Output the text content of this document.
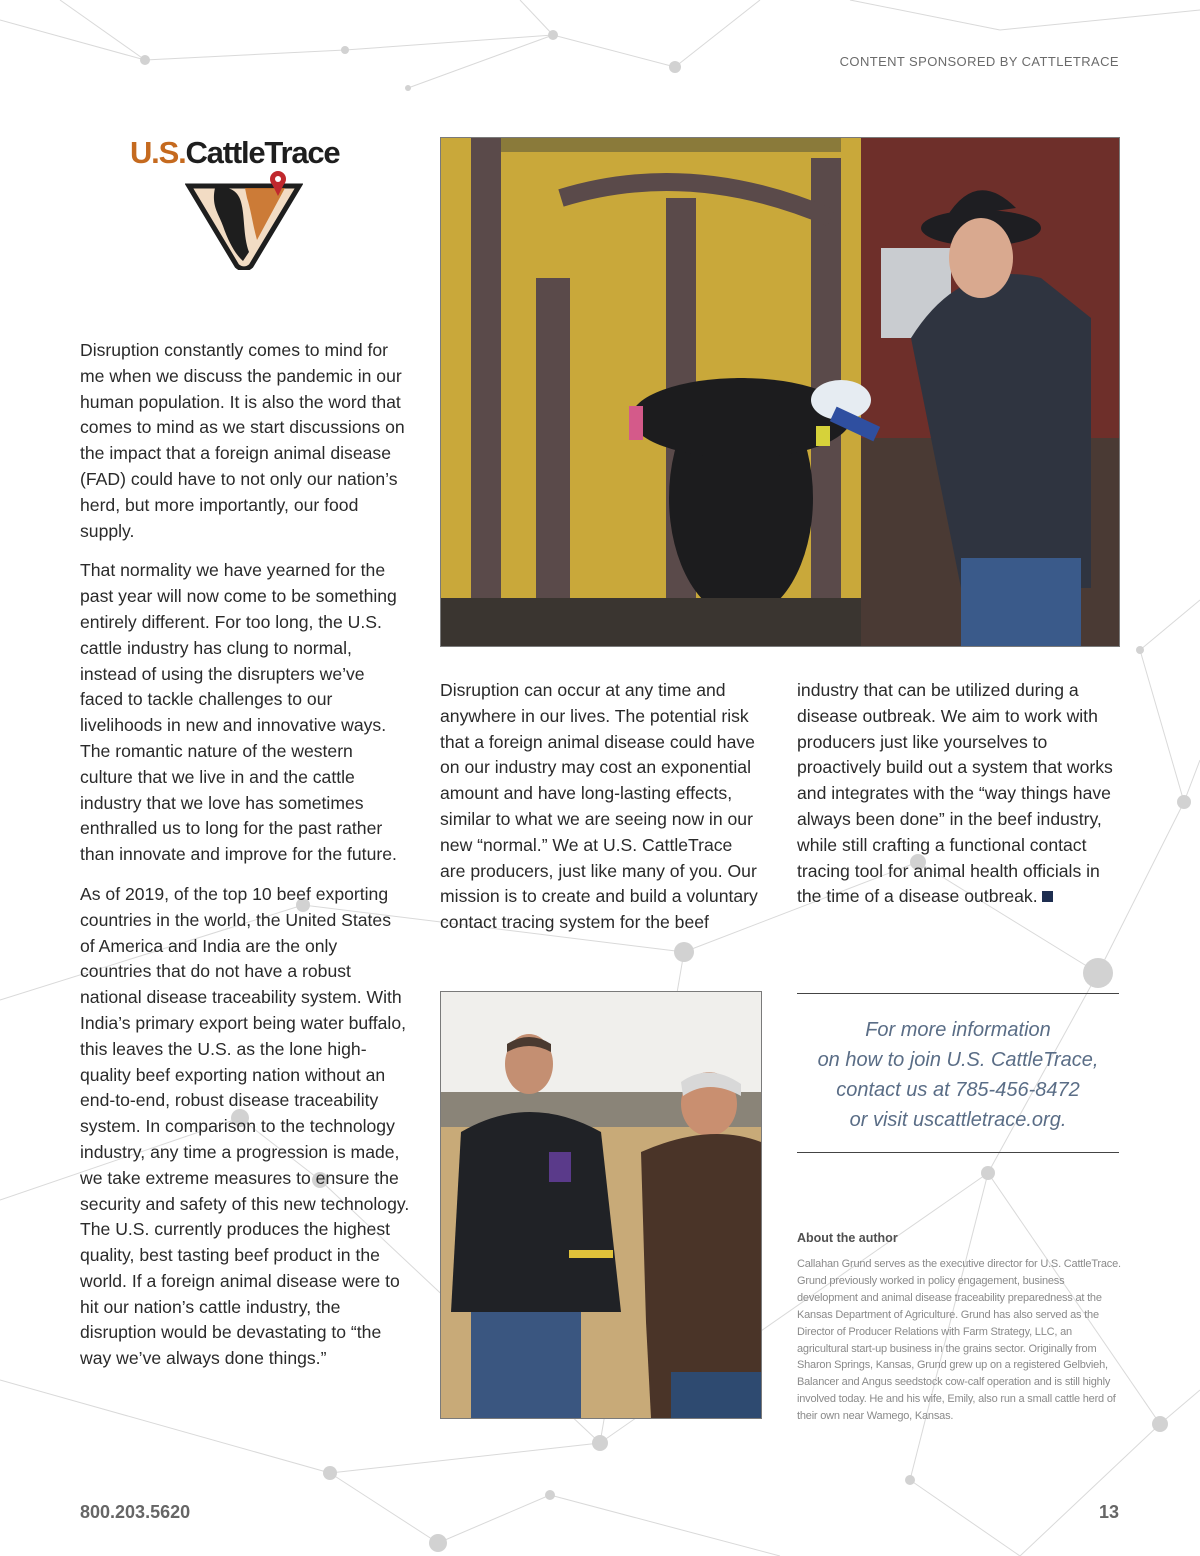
CONTENT SPONSORED BY CATTLETRACE
U.S.CattleTrace

Disruption constantly comes to mind for me when we discuss the pandemic in our human population. It is also the word that comes to mind as we start discussions on the impact that a foreign animal disease (FAD) could have to not only our nation’s herd, but more importantly, our food supply.

That normality we have yearned for the past year will now come to be something entirely different. For too long, the U.S. cattle industry has clung to normal, instead of using the disrupters we’ve faced to tackle challenges to our livelihoods in new and innovative ways. The romantic nature of the western culture that we live in and the cattle industry that we love has sometimes enthralled us to long for the past rather than innovate and improve for the future.

As of 2019, of the top 10 beef exporting countries in the world, the United States of America and India are the only countries that do not have a robust national disease traceability system. With India’s primary export being water buffalo, this leaves the U.S. as the lone high-quality beef exporting nation without an end-to-end, robust disease traceability system. In comparison to the technology industry, any time a progression is made, we take extreme measures to ensure the security and safety of this new technology. The U.S. currently produces the highest quality, best tasting beef product in the world. If a foreign animal disease were to hit our nation’s cattle industry, the disruption would be devastating to “the way we’ve always done things.”

Disruption can occur at any time and anywhere in our lives. The potential risk that a foreign animal disease could have on our industry may cost an exponential amount and have long-lasting effects, similar to what we are seeing now in our new “normal.” We at U.S. CattleTrace are producers, just like many of you. Our mission is to create and build a voluntary contact tracing system for the beef

industry that can be utilized during a disease outbreak. We aim to work with producers just like yourselves to proactively build out a system that works and integrates with the “way things have always been done” in the beef industry, while still crafting a functional contact tracing tool for animal health officials in the time of a disease outbreak.

For more information
on how to join U.S. CattleTrace,
contact us at 785-456-8472
or visit uscattletrace.org.
About the author
Callahan Grund serves as the executive director for U.S. CattleTrace. Grund previously worked in policy engagement, business development and animal disease traceability preparedness at the Kansas Department of Agriculture. Grund has also served as the Director of Producer Relations with Farm Strategy, LLC, an agricultural start-up business in the grains sector. Originally from Sharon Springs, Kansas, Grund grew up on a registered Gelbvieh, Balancer and Angus seedstock cow-calf operation and is still highly involved today. He and his wife, Emily, also run a small cattle herd of their own near Wamego, Kansas.
800.203.5620	13
